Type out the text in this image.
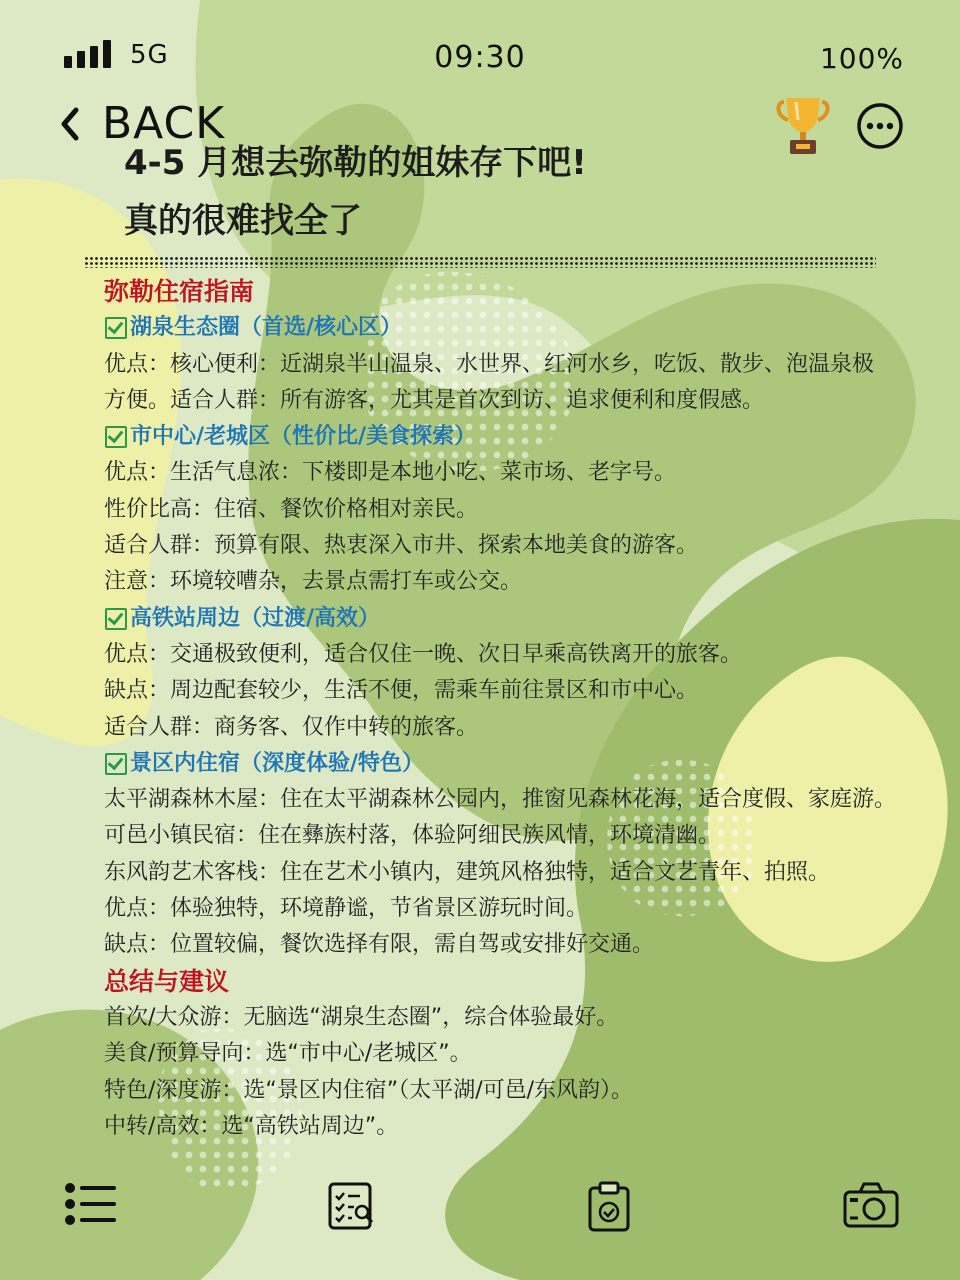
5G	09:30	100%
BACK
4-5 月想去弥勒的姐妹存下吧!
真的很难找全了
弥勒住宿指南
湖泉生态圈（首选/核心区）
优点：核心便利：近湖泉半山温泉、水世界、红河水乡，吃饭、散步、泡温泉极
方便。适合人群：所有游客，尤其是首次到访、追求便利和度假感。
市中心/老城区（性价比/美食探索）
优点：生活气息浓：下楼即是本地小吃、菜市场、老字号。
性价比高：住宿、餐饮价格相对亲民。
适合人群：预算有限、热衷深入市井、探索本地美食的游客。
注意：环境较嘈杂，去景点需打车或公交。
高铁站周边（过渡/高效）
优点：交通极致便利，适合仅住一晚、次日早乘高铁离开的旅客。
缺点：周边配套较少，生活不便，需乘车前往景区和市中心。
适合人群：商务客、仅作中转的旅客。
景区内住宿（深度体验/特色）
太平湖森林木屋：住在太平湖森林公园内，推窗见森林花海，适合度假、家庭游。
可邑小镇民宿：住在彝族村落，体验阿细民族风情，环境清幽。
东风韵艺术客栈：住在艺术小镇内，建筑风格独特，适合文艺青年、拍照。
优点：体验独特，环境静谧，节省景区游玩时间。
缺点：位置较偏，餐饮选择有限，需自驾或安排好交通。
总结与建议
首次/大众游：无脑选“湖泉生态圈”，综合体验最好。
美食/预算导向：选“市中心/老城区”。
特色/深度游：选“景区内住宿”（太平湖/可邑/东风韵）。
中转/高效：选“高铁站周边”。
